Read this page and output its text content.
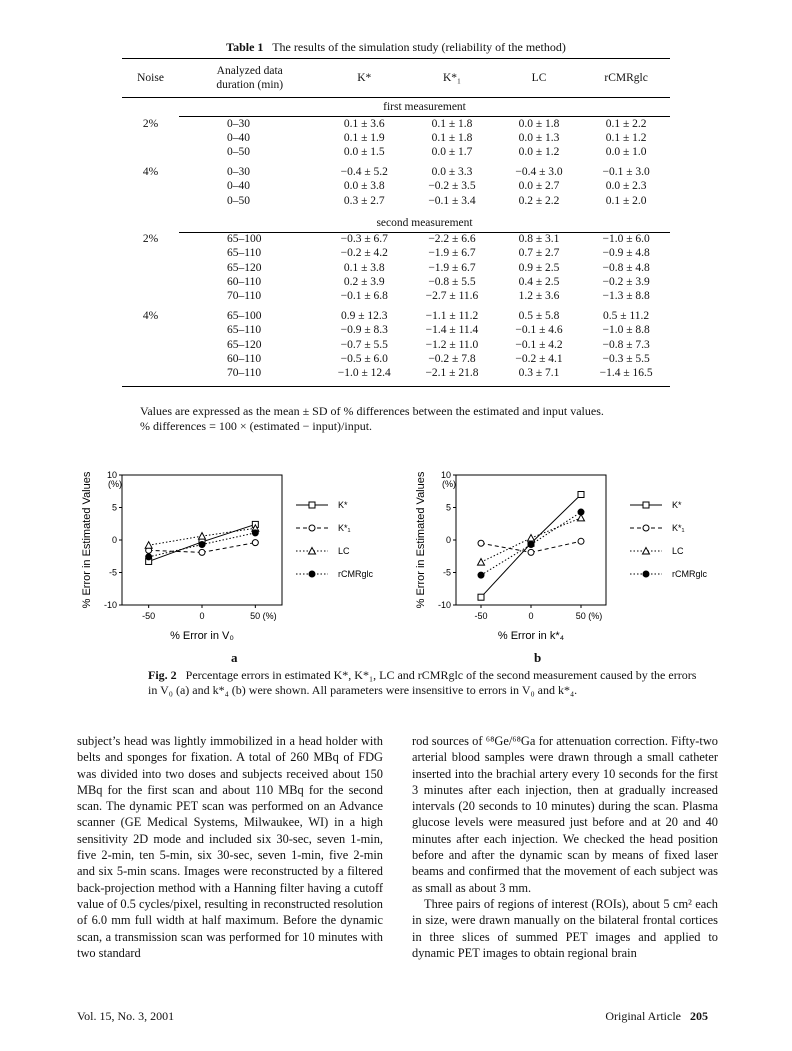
Table 1 The results of the simulation study (reliability of the method)
Noise	Analyzed data
duration (min)	K*	K*₁	LC	rCMRglc

	first measurement				

2%	0–30	0.1 ± 3.6	0.1 ± 1.8	0.0 ± 1.8	0.1 ± 2.2
	0–40	0.1 ± 1.9	0.1 ± 1.8	0.0 ± 1.3	0.1 ± 1.2
	0–50	0.0 ± 1.5	0.0 ± 1.7	0.0 ± 1.2	0.0 ± 1.0

4%	0–30	−0.4 ± 5.2	0.0 ± 3.3	−0.4 ± 3.0	−0.1 ± 3.0
	0–40	0.0 ± 3.8	−0.2 ± 3.5	0.0 ± 2.7	0.0 ± 2.3
	0–50	0.3 ± 2.7	−0.1 ± 3.4	0.2 ± 2.2	0.1 ± 2.0

	second measurement				

2%	65–100	−0.3 ± 6.7	−2.2 ± 6.6	0.8 ± 3.1	−1.0 ± 6.0
	65–110	−0.2 ± 4.2	−1.9 ± 6.7	0.7 ± 2.7	−0.9 ± 4.8
	65–120	0.1 ± 3.8	−1.9 ± 6.7	0.9 ± 2.5	−0.8 ± 4.8
	60–110	0.2 ± 3.9	−0.8 ± 5.5	0.4 ± 2.5	−0.2 ± 3.9
	70–110	−0.1 ± 6.8	−2.7 ± 11.6	1.2 ± 3.6	−1.3 ± 8.8

4%	65–100	0.9 ± 12.3	−1.1 ± 11.2	0.5 ± 5.8	0.5 ± 11.2
	65–110	−0.9 ± 8.3	−1.4 ± 11.4	−0.1 ± 4.6	−1.0 ± 8.8
	65–120	−0.7 ± 5.5	−1.2 ± 11.0	−0.1 ± 4.2	−0.8 ± 7.3
	60–110	−0.5 ± 6.0	−0.2 ± 7.8	−0.2 ± 4.1	−0.3 ± 5.5
	70–110	−1.0 ± 12.4	−2.1 ± 21.8	0.3 ± 7.1	−1.4 ± 16.5

Values are expressed as the mean ± SD of % differences between the estimated and input values.
% differences = 100 × (estimated − input)/input.
10
5
0
-5
-10
(%)
-50	0	50 (%)
% Error in V₀
% Error in Estimated Values	K*
K*₁
LC
rCMRglc
10
5
0
-5
-10
(%)
-50	0	50 (%)
% Error in k*₄
% Error in Estimated Values	K*
K*₁
LC
rCMRglc
a	b
Fig. 2 Percentage errors in estimated K*, K*₁, LC and rCMRglc of the second measurement caused by the errors in V₀ (a) and k*₄ (b) were shown. All parameters were insensitive to errors in V₀ and k*₄.

subject’s head was lightly immobilized in a head holder with belts and sponges for fixation. A total of 260 MBq of FDG was divided into two doses and subjects received about 150 MBq for the first scan and about 110 MBq for the second scan. The dynamic PET scan was performed on an Advance scanner (GE Medical Systems, Milwaukee, WI) in a high sensitivity 2D mode and included six 30-sec, seven 1-min, five 2-min, ten 5-min, six 30-sec, seven 1-min, five 2-min and six 5-min scans. Images were reconstructed by a filtered back-projection method with a Hanning filter having a cutoff value of 0.5 cycles/pixel, resulting in reconstructed resolution of 6.0 mm full width at half maximum. Before the dynamic scan, a transmission scan was performed for 10 minutes with two standard

rod sources of ⁶⁸Ge/⁶⁸Ga for attenuation correction. Fifty-two arterial blood samples were drawn through a small catheter inserted into the brachial artery every 10 seconds for the first 3 minutes after each injection, then at gradually increased intervals (20 seconds to 10 minutes) during the scan. Plasma glucose levels were measured just before and at 20 and 40 minutes after each injection. We checked the head position before and after the dynamic scan by means of fixed laser beams and confirmed that the movement of each subject was as small as about 3 mm.

Three pairs of regions of interest (ROIs), about 5 cm² each in size, were drawn manually on the bilateral frontal cortices in three slices of summed PET images and applied to dynamic PET images to obtain regional brain

Vol. 15, No. 3, 2001	Original Article 205
